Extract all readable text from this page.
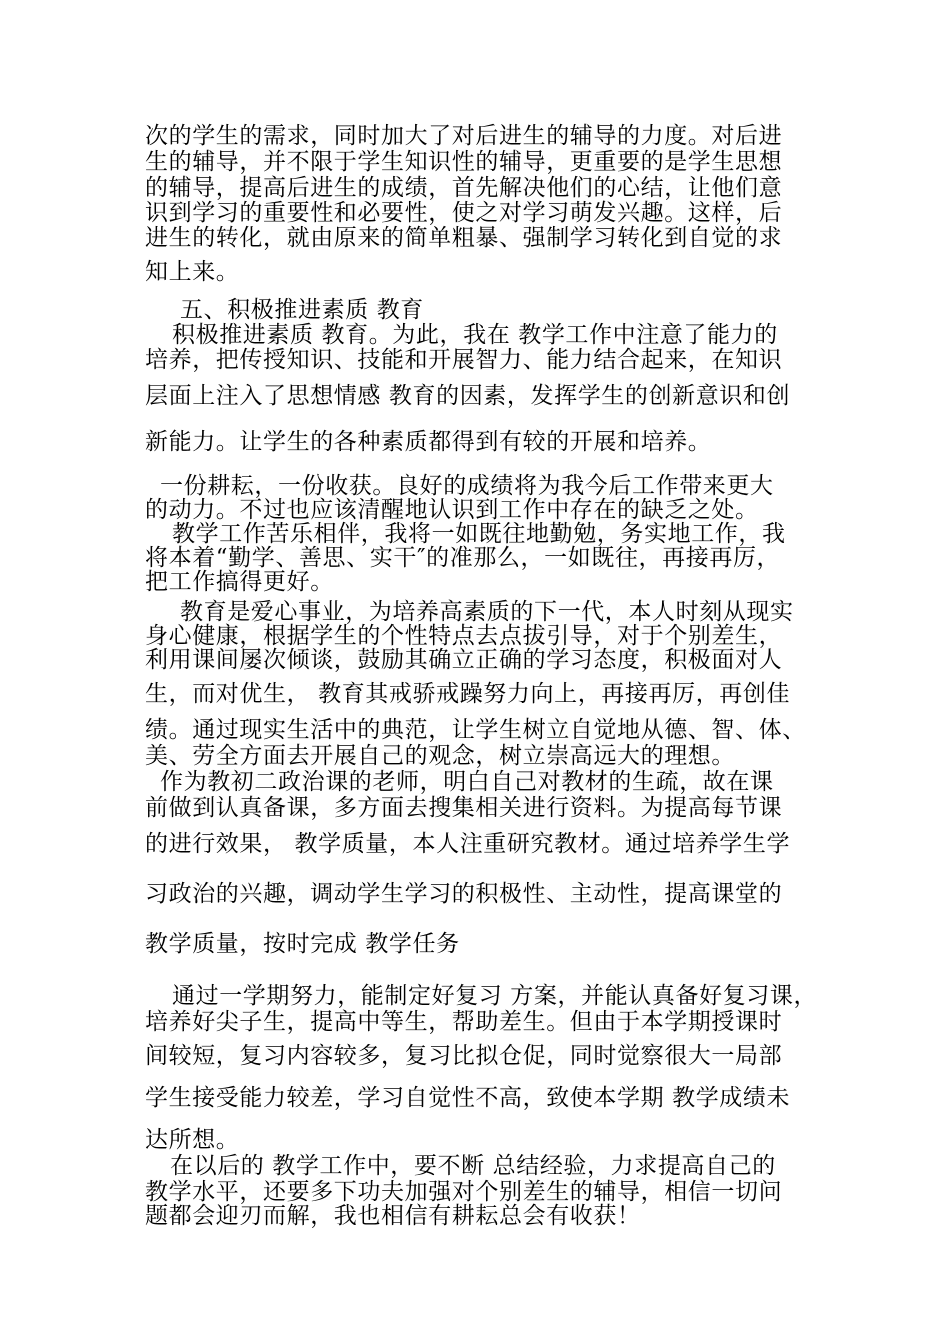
次的学生的需求，同时加大了对后进生的辅导的力度。对后进
生的辅导，并不限于学生知识性的辅导，更重要的是学生思想
的辅导，提高后进生的成绩，首先解决他们的心结，让他们意
识到学习的重要性和必要性，使之对学习萌发兴趣。这样，后
进生的转化，就由原来的简单粗暴、强制学习转化到自觉的求
知上来。
五、积极推进素质 教育
积极推进素质 教育。为此，我在 教学工作中注意了能力的
培养，把传授知识、技能和开展智力、能力结合起来，在知识
层面上注入了思想情感 教育的因素，发挥学生的创新意识和创
新能力。让学生的各种素质都得到有较的开展和培养。
一份耕耘，一份收获。良好的成绩将为我今后工作带来更大
的动力。不过也应该清醒地认识到工作中存在的缺乏之处。
教学工作苦乐相伴，我将一如既往地勤勉，务实地工作，我
将本着“勤学、善思、实干″的准那么，一如既往，再接再厉，
把工作搞得更好。
教育是爱心事业，为培养高素质的下一代，本人时刻从现实
身心健康，根据学生的个性特点去点拔引导，对于个别差生，
利用课间屡次倾谈，鼓励其确立正确的学习态度，积极面对人
生，而对优生， 教育其戒骄戒躁努力向上，再接再厉，再创佳
绩。通过现实生活中的典范，让学生树立自觉地从德、智、体、
美、劳全方面去开展自己的观念，树立崇高远大的理想。
作为教初二政治课的老师，明白自己对教材的生疏，故在课
前做到认真备课，多方面去搜集相关进行资料。为提高每节课
的进行效果， 教学质量，本人注重研究教材。通过培养学生学
习政治的兴趣，调动学生学习的积极性、主动性，提高课堂的
教学质量，按时完成 教学任务
通过一学期努力，能制定好复习 方案，并能认真备好复习课，
培养好尖子生，提高中等生，帮助差生。但由于本学期授课时
间较短，复习内容较多，复习比拟仓促，同时觉察很大一局部
学生接受能力较差，学习自觉性不高，致使本学期 教学成绩未
达所想。
在以后的 教学工作中，要不断 总结经验，力求提高自己的
教学水平，还要多下功夫加强对个别差生的辅导，相信一切问
题都会迎刃而解，我也相信有耕耘总会有收获！
